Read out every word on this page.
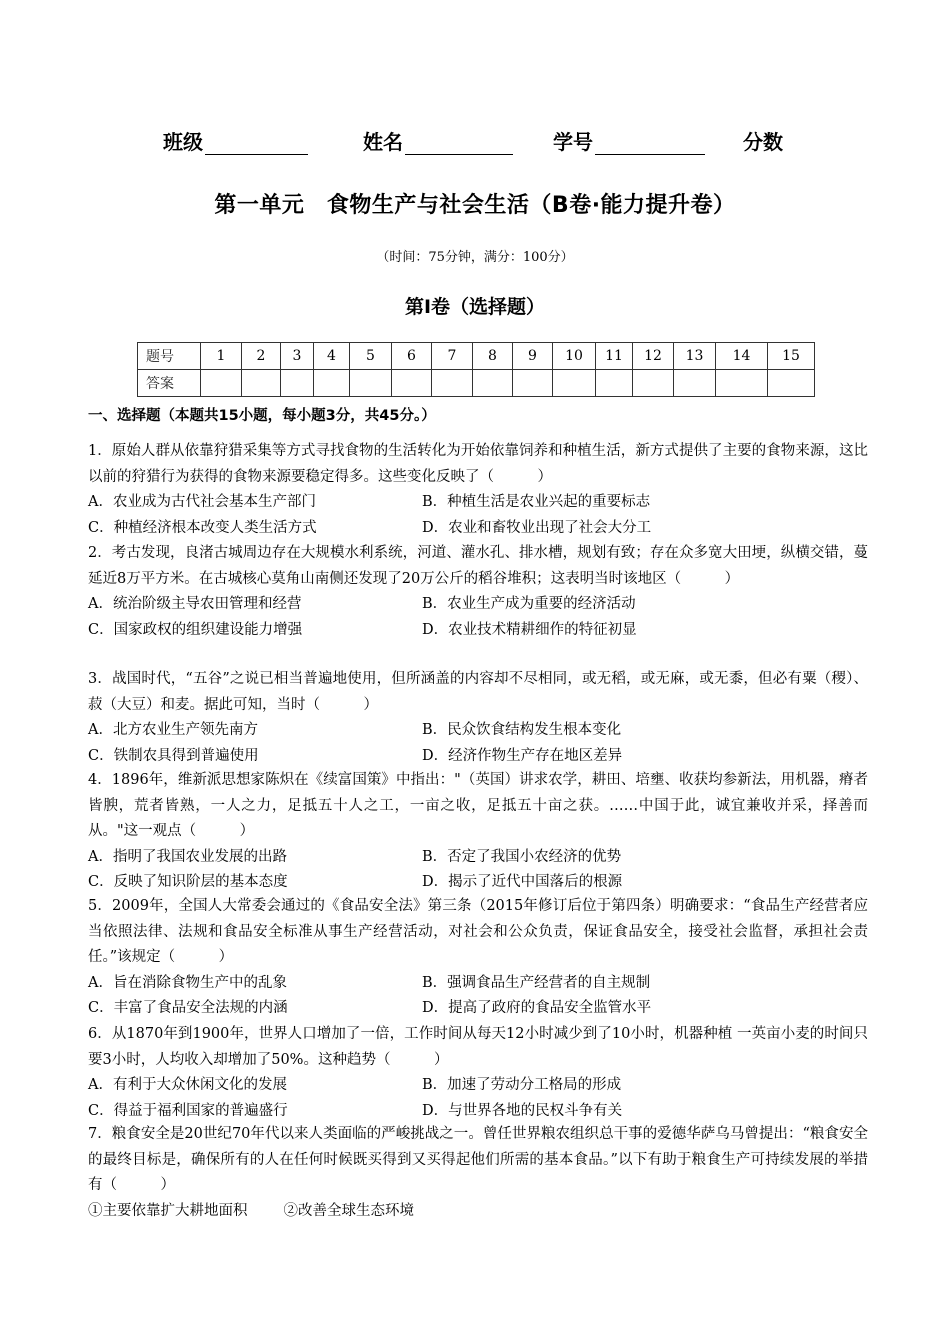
班级	姓名	学号	分数
第一单元　食物生产与社会生活（B卷·能力提升卷）
（时间：75分钟，满分：100分）
第Ⅰ卷（选择题）
题号	1	2	3	4	5	6	7	8	9	10	11	12	13	14	15
答案															
一、选择题（本题共15小题，每小题3分，共45分。）
1．原始人群从依靠狩猎采集等方式寻找食物的生活转化为开始依靠饲养和种植生活，新方式提供了主要的食物来源，这比以前的狩猎行为获得的食物来源要稳定得多。这些变化反映了（　　　）
A．农业成为古代社会基本生产部门	B．种植生活是农业兴起的重要标志
C．种植经济根本改变人类生活方式	D．农业和畜牧业出现了社会大分工
2．考古发现，良渚古城周边存在大规模水利系统，河道、灌水孔、排水槽，规划有致；存在众多宽大田埂，纵横交错，蔓延近8万平方米。在古城核心莫角山南侧还发现了20万公斤的稻谷堆积；这表明当时该地区（　　　）
A．统治阶级主导农田管理和经营	B．农业生产成为重要的经济活动
C．国家政权的组织建设能力增强	D．农业技术精耕细作的特征初显
3．战国时代，“五谷”之说已相当普遍地使用，但所涵盖的内容却不尽相同，或无稻，或无麻，或无黍，但必有粟（稷）、菽（大豆）和麦。据此可知，当时（　　　）
A．北方农业生产领先南方	B．民众饮食结构发生根本变化
C．铁制农具得到普遍使用	D．经济作物生产存在地区差异
4．1896年，维新派思想家陈炽在《续富国策》中指出："（英国）讲求农学，耕田、培壅、收获均参新法，用机器，瘠者皆腴，荒者皆熟，一人之力，足抵五十人之工，一亩之收，足抵五十亩之获。……中国于此，诚宜兼收并采，择善而从。"这一观点（　　　）
A．指明了我国农业发展的出路	B．否定了我国小农经济的优势
C．反映了知识阶层的基本态度	D．揭示了近代中国落后的根源
5．2009年，全国人大常委会通过的《食品安全法》第三条（2015年修订后位于第四条）明确要求：“食品生产经营者应当依照法律、法规和食品安全标准从事生产经营活动，对社会和公众负责，保证食品安全，接受社会监督，承担社会责任。”该规定（　　　）
A．旨在消除食物生产中的乱象	B．强调食品生产经营者的自主规制
C．丰富了食品安全法规的内涵	D．提高了政府的食品安全监管水平
6．从1870年到1900年，世界人口增加了一倍，工作时间从每天12小时减少到了10小时，机器种植 一英亩小麦的时间只要3小时，人均收入却增加了50%。这种趋势（　　　）
A．有利于大众休闲文化的发展	B．加速了劳动分工格局的形成
C．得益于福利国家的普遍盛行	D．与世界各地的民权斗争有关
7．粮食安全是20世纪70年代以来人类面临的严峻挑战之一。曾任世界粮农组织总干事的爱德华萨乌马曾提出：“粮食安全的最终目标是，确保所有的人在任何时候既买得到又买得起他们所需的基本食品。”以下有助于粮食生产可持续发展的举措有（　　　）
①主要依靠扩大耕地面积 ②改善全球生态环境
